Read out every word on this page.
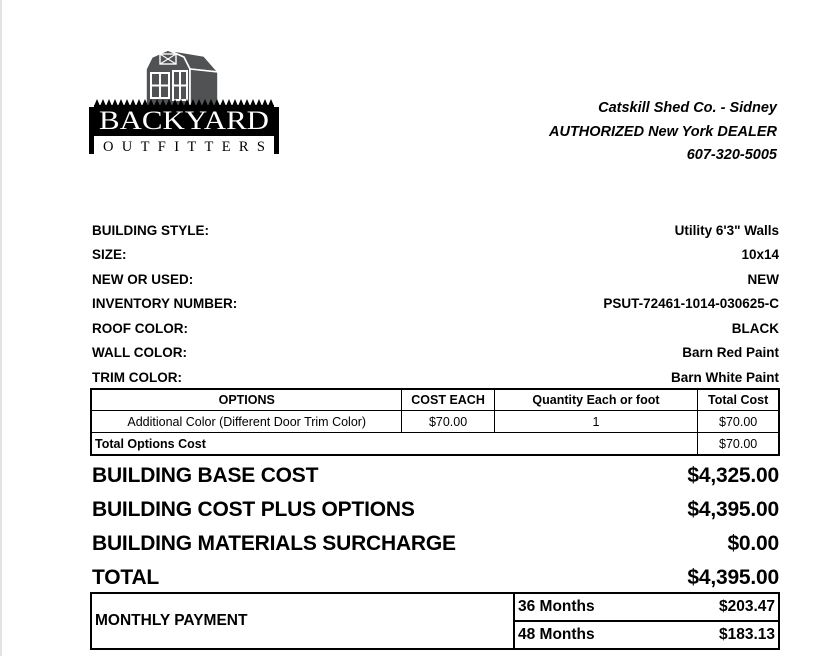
BACKYARD
OUTFITTERS
Catskill Shed Co. - Sidney
AUTHORIZED New York DEALER
607-320-5005
BUILDING STYLE:	Utility 6'3" Walls
SIZE:	10x14
NEW OR USED:	NEW
INVENTORY NUMBER:	PSUT-72461-1014-030625-C
ROOF COLOR:	BLACK
WALL COLOR:	Barn Red Paint
TRIM COLOR:	Barn White Paint
OPTIONS	COST EACH	Quantity Each or foot	Total Cost
Additional Color (Different Door Trim Color)	$70.00	1	$70.00
Total Options Cost			$70.00
BUILDING BASE COST	$4,325.00
BUILDING COST PLUS OPTIONS	$4,395.00
BUILDING MATERIALS SURCHARGE	$0.00
TOTAL	$4,395.00
MONTHLY PAYMENT
36 Months	$203.47
48 Months	$183.13
